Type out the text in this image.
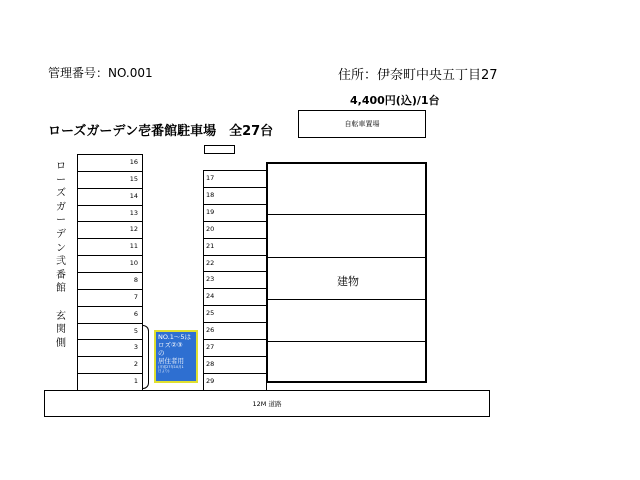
管理番号：NO.001	住所：伊奈町中央五丁目27
4,400円(込)/1台
ローズガーデン壱番館駐車場　全27台	自転車置場
ロ
ー
ズ
ガ
ー
デ
ン
弐
番
館

玄
関
側
16
15
14
13
12
11
10
8
7
6
5
3
2
1
17
18
19
20
21
22
23
24
25
26
27
28
29
NO.1～5は
ロズ②③
の
居住者用
(平成27年10月1
日より)
建物
12M 道路
